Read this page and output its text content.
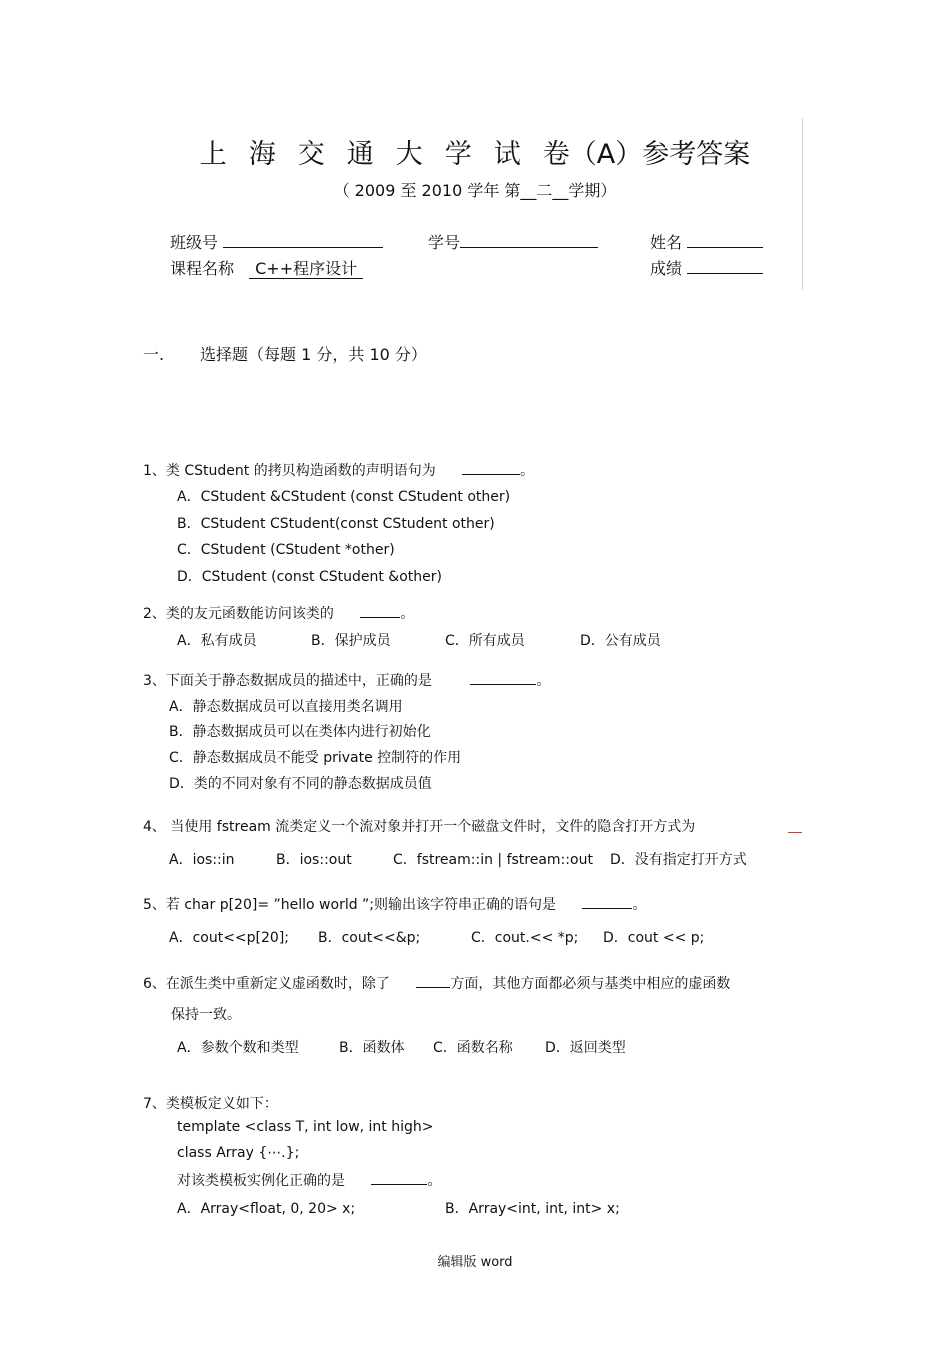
上 海 交 通 大 学 试 卷（A）参考答案
（ 2009 至 2010 学年 第__二__学期）
班级号	学号	姓名
课程名称 C++程序设计	成绩
一. 选择题（每题 1 分，共 10 分）
1、类 CStudent 的拷贝构造函数的声明语句为	。
A．CStudent &CStudent (const CStudent other)
B．CStudent CStudent(const CStudent other)
C．CStudent (CStudent *other)
D．CStudent (const CStudent &other)
2、类的友元函数能访问该类的	。
A．私有成员	B．保护成员	C．所有成员	D．公有成员
3、下面关于静态数据成员的描述中，正确的是	。
A．静态数据成员可以直接用类名调用
B．静态数据成员可以在类体内进行初始化
C．静态数据成员不能受 private 控制符的作用
D．类的不同对象有不同的静态数据成员值
4、 当使用 fstream 流类定义一个流对象并打开一个磁盘文件时，文件的隐含打开方式为
A．ios::in	B．ios::out	C．fstream::in | fstream::out D．没有指定打开方式
5、若 char p[20]= ”hello world ”;则输出该字符串正确的语句是	。
A．cout<<p[20]; B．cout<<&p;	C．cout.<< *p; D．cout << p;
6、在派生类中重新定义虚函数时，除了	方面，其他方面都必须与基类中相应的虚函数
保持一致。
A．参数个数和类型	B．函数体 C．函数名称 D．返回类型
7、类模板定义如下：
template <class T, int low, int high>
class Array {⋯.};
对该类模板实例化正确的是	。
A．Array<float, 0, 20> x;	B．Array<int, int, int> x;
编辑版 word
